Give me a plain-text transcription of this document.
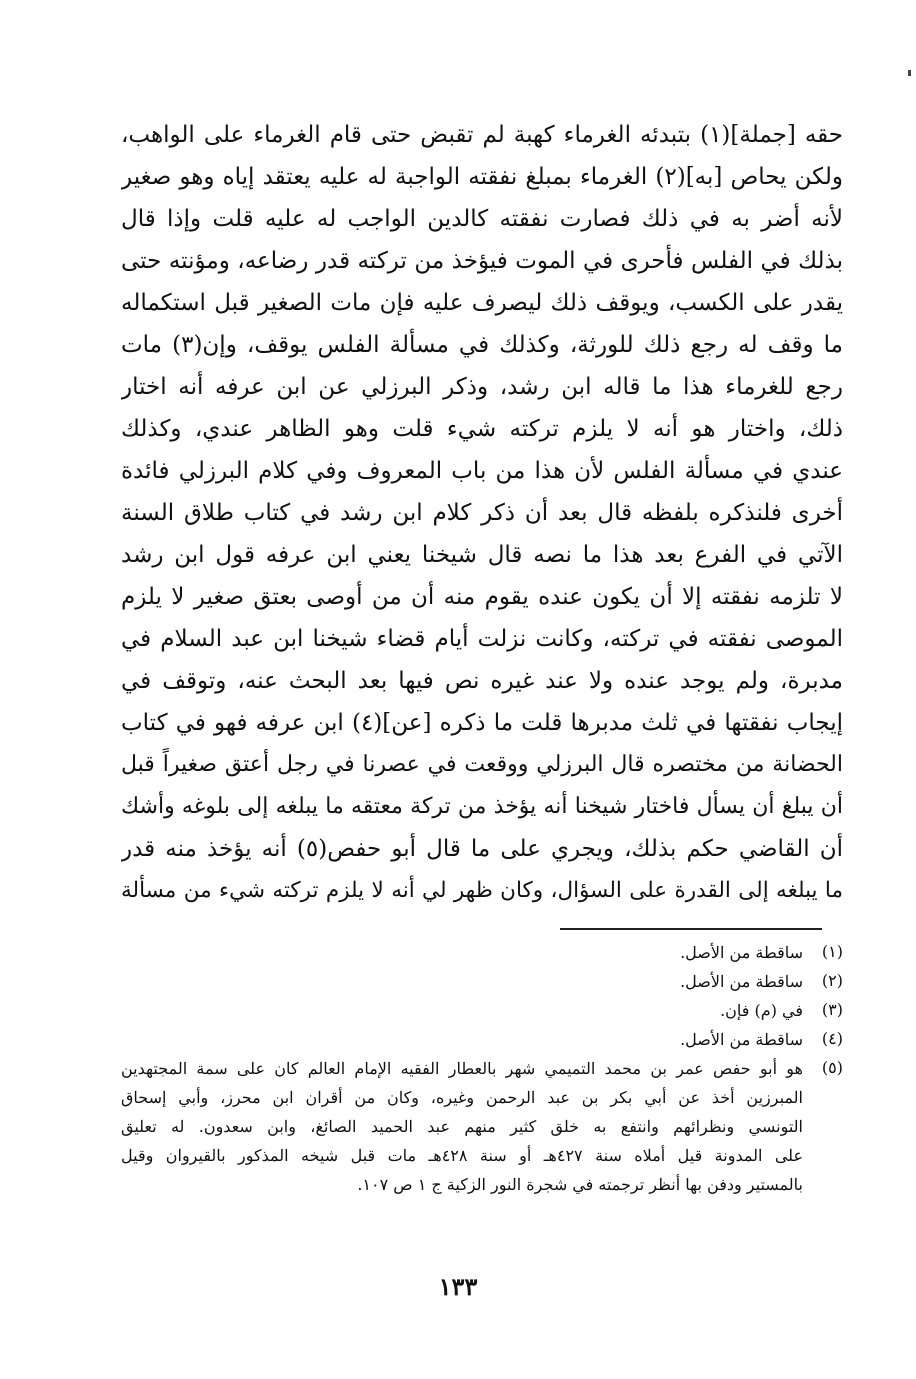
حقه [جملة](١) بتبدئه الغرماء كهبة لم تقبض حتى قام الغرماء على الواهب،
ولكن يحاص [به](٢) الغرماء بمبلغ نفقته الواجبة له عليه يعتقد إياه وهو صغير
لأنه أضر به في ذلك فصارت نفقته كالدين الواجب له عليه قلت وإذا قال
بذلك في الفلس فأحرى في الموت فيؤخذ من تركته قدر رضاعه، ومؤنته حتى
يقدر على الكسب، ويوقف ذلك ليصرف عليه فإن مات الصغير قبل استكماله
ما وقف له رجع ذلك للورثة، وكذلك في مسألة الفلس يوقف، وإن(٣) مات
رجع للغرماء هذا ما قاله ابن رشد، وذكر البرزلي عن ابن عرفه أنه اختار
ذلك، واختار هو أنه لا يلزم تركته شيء قلت وهو الظاهر عندي، وكذلك
عندي في مسألة الفلس لأن هذا من باب المعروف وفي كلام البرزلي فائدة
أخرى فلنذكره بلفظه قال بعد أن ذكر كلام ابن رشد في كتاب طلاق السنة
الآتي في الفرع بعد هذا ما نصه قال شيخنا يعني ابن عرفه قول ابن رشد
لا تلزمه نفقته إلا أن يكون عنده يقوم منه أن من أوصى بعتق صغير لا يلزم
الموصى نفقته في تركته، وكانت نزلت أيام قضاء شيخنا ابن عبد السلام في
مدبرة، ولم يوجد عنده ولا عند غيره نص فيها بعد البحث عنه، وتوقف في
إيجاب نفقتها في ثلث مدبرها قلت ما ذكره [عن](٤) ابن عرفه فهو في كتاب
الحضانة من مختصره قال البرزلي ووقعت في عصرنا في رجل أعتق صغيراً قبل
أن يبلغ أن يسأل فاختار شيخنا أنه يؤخذ من تركة معتقه ما يبلغه إلى بلوغه وأشك
أن القاضي حكم بذلك، ويجري على ما قال أبو حفص(٥) أنه يؤخذ منه قدر
ما يبلغه إلى القدرة على السؤال، وكان ظهر لي أنه لا يلزم تركته شيء من مسألة
(١)
ساقطة من الأصل.
(٢)
ساقطة من الأصل.
(٣)
في (م) فإن.
(٤)
ساقطة من الأصل.
(٥)
هو أبو حفص عمر بن محمد التميمي شهر بالعطار الفقيه الإمام العالم كان على سمة المجتهدين
المبرزين أخذ عن أبي بكر بن عبد الرحمن وغيره، وكان من أقران ابن محرز، وأبي إسحاق
التونسي ونظرائهم وانتفع به خلق كثير منهم عبد الحميد الصائغ، وابن سعدون. له تعليق
على المدونة قيل أملاه سنة ٤٢٧هـ أو سنة ٤٢٨هـ مات قبل شيخه المذكور بالقيروان وقيل
بالمستير ودفن بها أنظر ترجمته في شجرة النور الزكية ج ١ ص ١٠٧.
١٣٣
